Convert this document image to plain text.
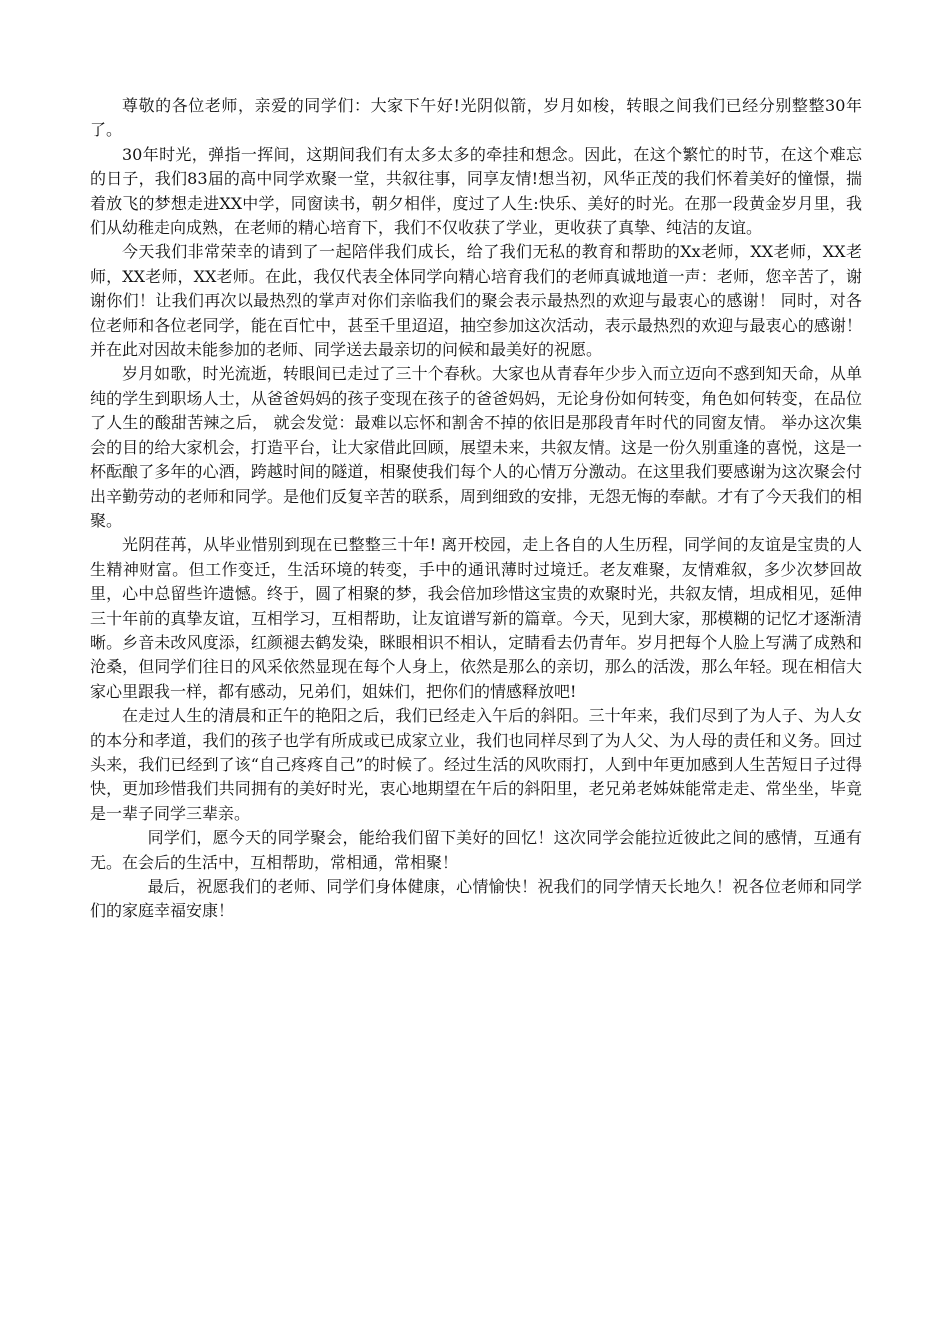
尊敬的各位老师，亲爱的同学们：大家下午好!光阴似箭，岁月如梭，转眼之间我们已经分别整整30年了。

30年时光，弹指一挥间，这期间我们有太多太多的牵挂和想念。因此，在这个繁忙的时节，在这个难忘的日子，我们83届的高中同学欢聚一堂，共叙往事，同享友情!想当初，风华正茂的我们怀着美好的憧憬，揣着放飞的梦想走进XX中学，同窗读书，朝夕相伴，度过了人生:快乐、美好的时光。在那一段黄金岁月里，我们从幼稚走向成熟，在老师的精心培育下，我们不仅收获了学业，更收获了真挚、纯洁的友谊。

今天我们非常荣幸的请到了一起陪伴我们成长，给了我们无私的教育和帮助的Xx老师，XX老师，XX老师，XX老师，XX老师。在此，我仅代表全体同学向精心培育我们的老师真诚地道一声：老师，您辛苦了，谢谢你们！让我们再次以最热烈的掌声对你们亲临我们的聚会表示最热烈的欢迎与最衷心的感谢！ 同时，对各位老师和各位老同学，能在百忙中，甚至千里迢迢，抽空参加这次活动，表示最热烈的欢迎与最衷心的感谢！并在此对因故未能参加的老师、同学送去最亲切的问候和最美好的祝愿。

岁月如歌，时光流逝，转眼间已走过了三十个春秋。大家也从青春年少步入而立迈向不惑到知天命，从单纯的学生到职场人士，从爸爸妈妈的孩子变现在孩子的爸爸妈妈，无论身份如何转变，角色如何转变，在品位了人生的酸甜苦辣之后， 就会发觉：最难以忘怀和割舍不掉的依旧是那段青年时代的同窗友情。 举办这次集会的目的给大家机会，打造平台，让大家借此回顾，展望未来，共叙友情。这是一份久别重逢的喜悦，这是一杯酝酿了多年的心酒，跨越时间的隧道，相聚使我们每个人的心情万分激动。在这里我们要感谢为这次聚会付出辛勤劳动的老师和同学。是他们反复辛苦的联系，周到细致的安排，无怨无悔的奉献。才有了今天我们的相聚。

光阴荏苒，从毕业惜别到现在已整整三十年! 离开校园，走上各自的人生历程，同学间的友谊是宝贵的人生精神财富。但工作变迁，生活环境的转变，手中的通讯薄时过境迁。老友难聚，友情难叙，多少次梦回故里，心中总留些许遗憾。终于，圆了相聚的梦，我会倍加珍惜这宝贵的欢聚时光，共叙友情，坦成相见，延伸三十年前的真挚友谊，互相学习，互相帮助，让友谊谱写新的篇章。今天，见到大家，那模糊的记忆才逐渐清晰。乡音未改风度添，红颜褪去鹤发染，眯眼相识不相认，定睛看去仍青年。岁月把每个人脸上写满了成熟和沧桑，但同学们往日的风采依然显现在每个人身上，依然是那么的亲切，那么的活泼，那么年轻。现在相信大家心里跟我一样，都有感动，兄弟们，姐妹们，把你们的情感释放吧!

在走过人生的清晨和正午的艳阳之后，我们已经走入午后的斜阳。三十年来，我们尽到了为人子、为人女的本分和孝道，我们的孩子也学有所成或已成家立业，我们也同样尽到了为人父、为人母的责任和义务。回过头来，我们已经到了该“自己疼疼自己”的时候了。经过生活的风吹雨打，人到中年更加感到人生苦短日子过得快，更加珍惜我们共同拥有的美好时光，衷心地期望在午后的斜阳里，老兄弟老姊妹能常走走、常坐坐，毕竟是一辈子同学三辈亲。

同学们，愿今天的同学聚会，能给我们留下美好的回忆！这次同学会能拉近彼此之间的感情，互通有无。在会后的生活中，互相帮助，常相通，常相聚！

最后，祝愿我们的老师、同学们身体健康，心情愉快！祝我们的同学情天长地久！祝各位老师和同学们的家庭幸福安康！
